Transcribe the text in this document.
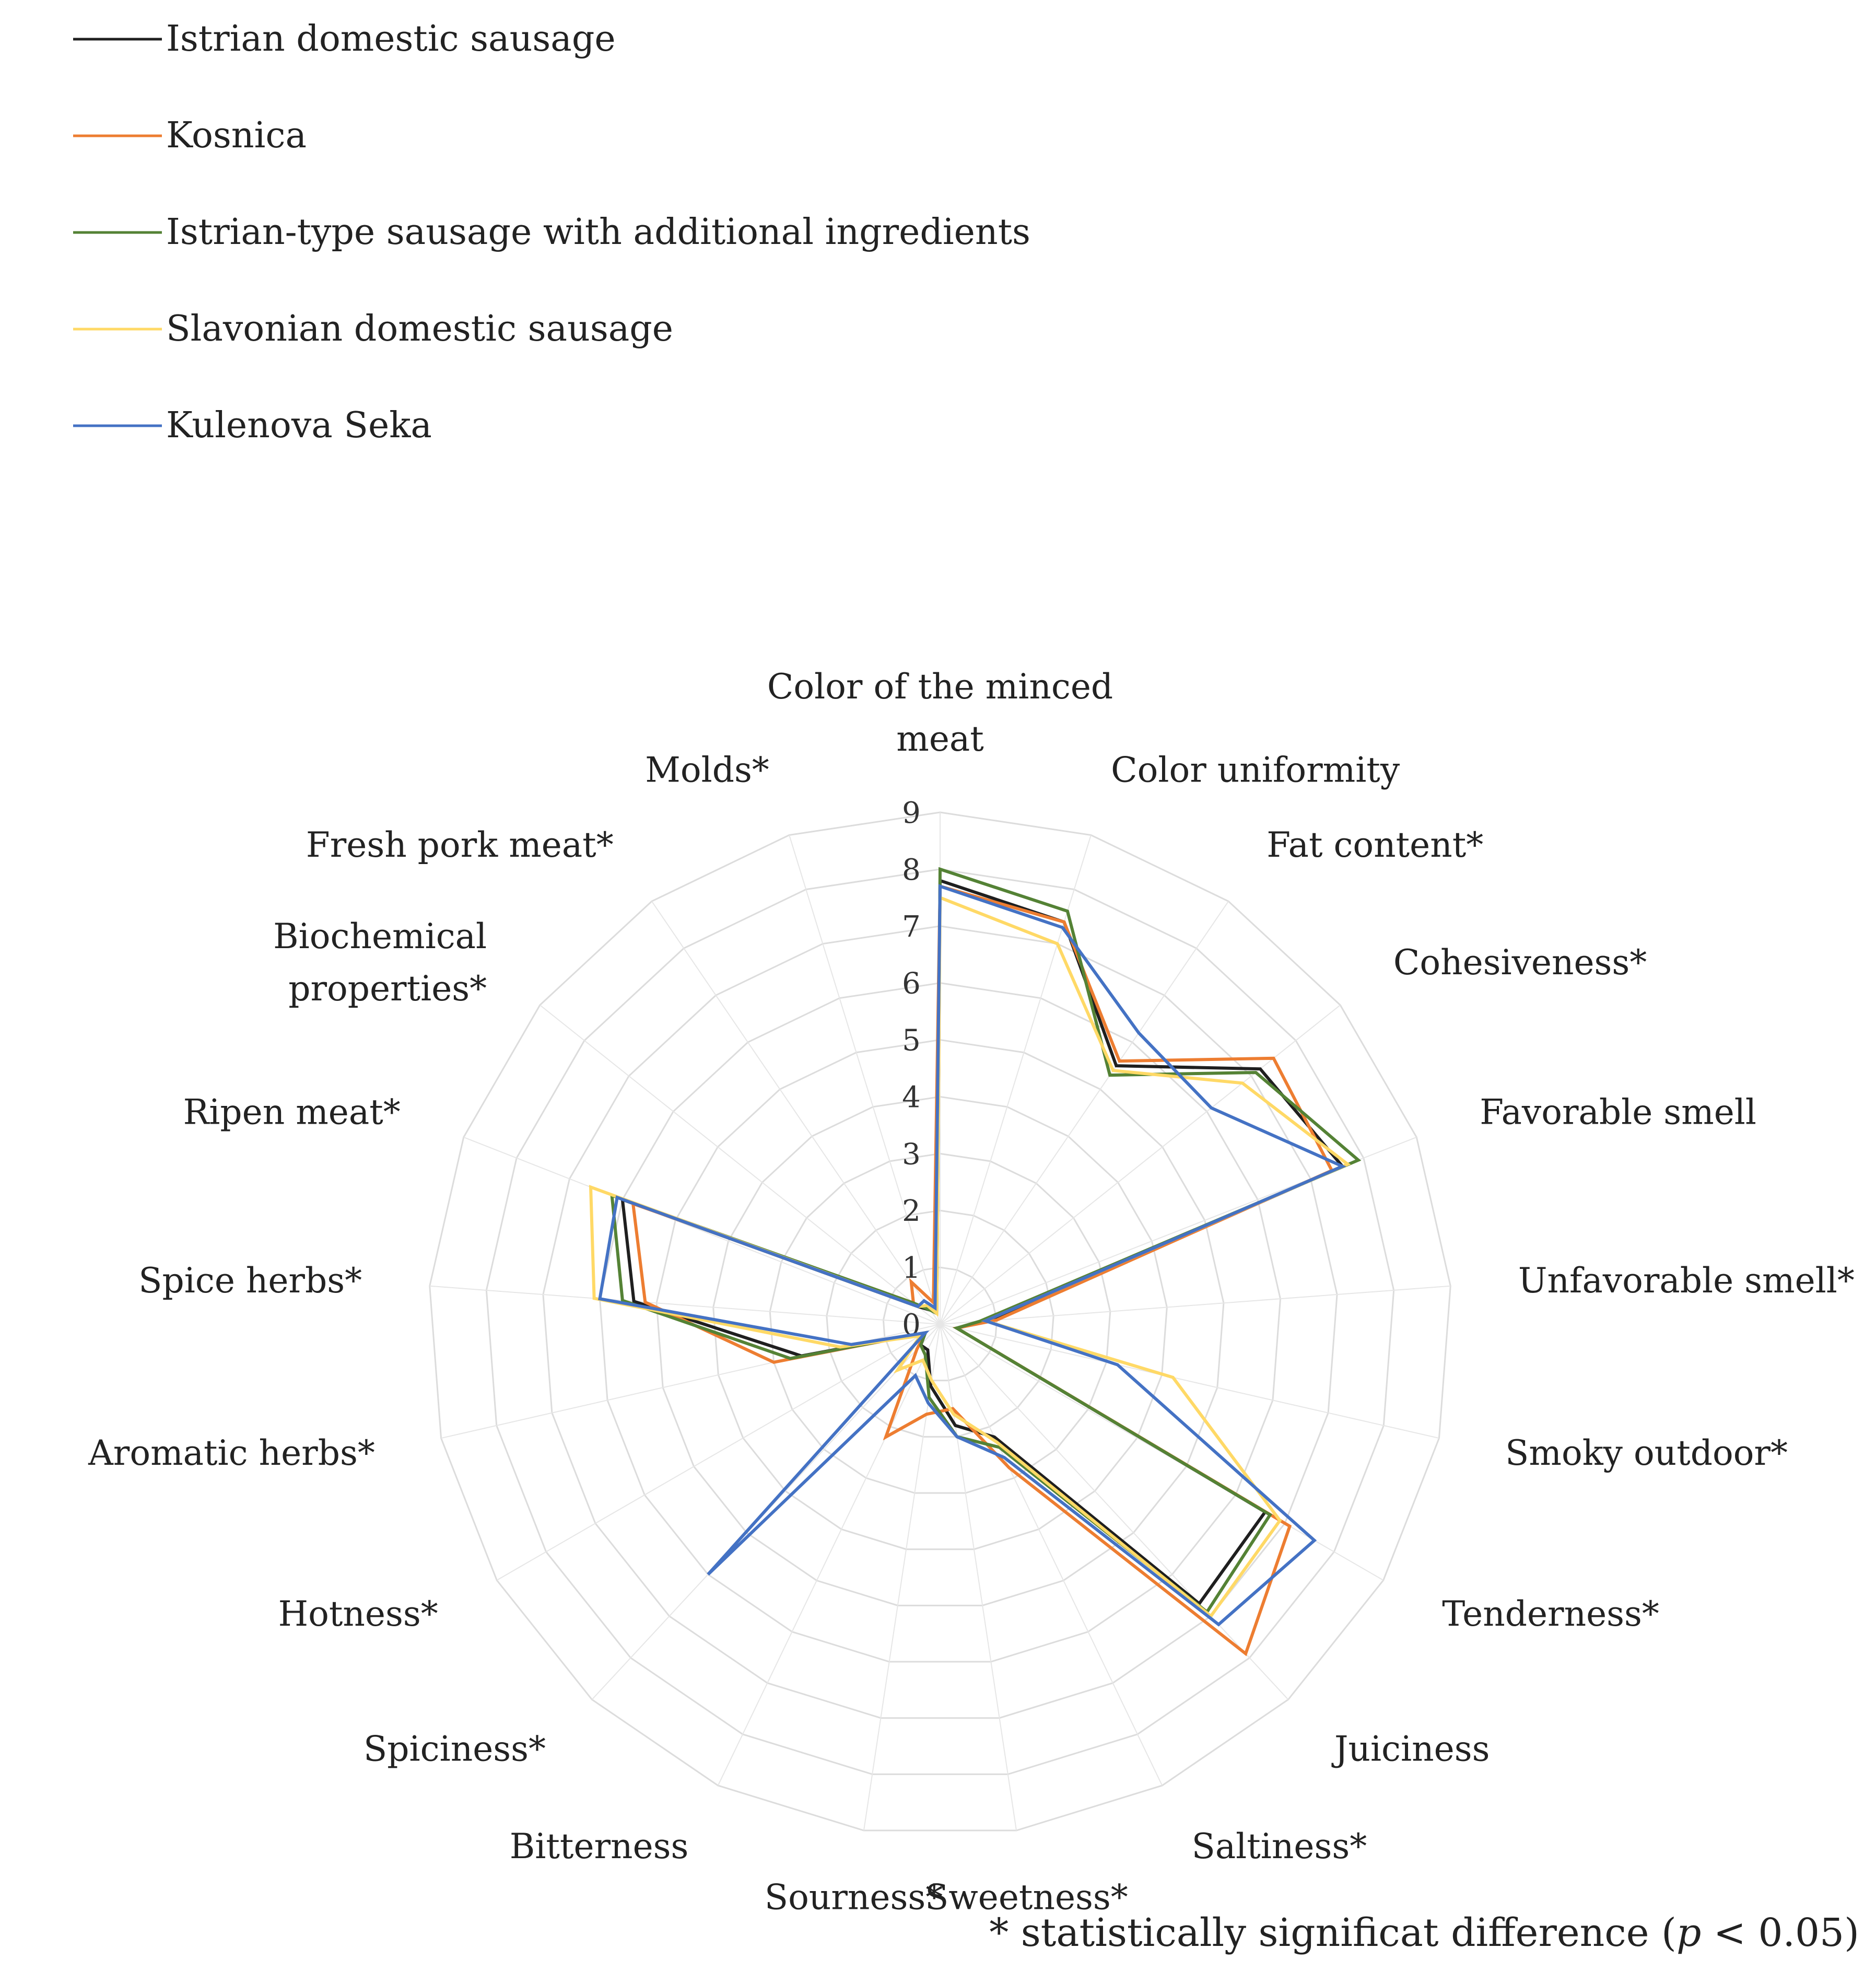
Istrian domestic sausage
Kosnica
Istrian-type sausage with additional ingredients
Slavonian domestic sausage
Kulenova Seka
0
1
2
3
4
5
6
7
8
9
Color of the minced meat
Color uniformity
Fat content*
Cohesiveness*
Favorable smell
Unfavorable smell*
Smoky outdoor*
Tenderness*
Juiciness
Saltiness*
Sweetness*
Sourness*
Bitterness
Spiciness*
Hotness*
Aromatic herbs*
Spice herbs*
Ripen meat*
Biochemical properties*
Fresh pork meat*
Molds*
* statistically significat difference (p < 0.05)
